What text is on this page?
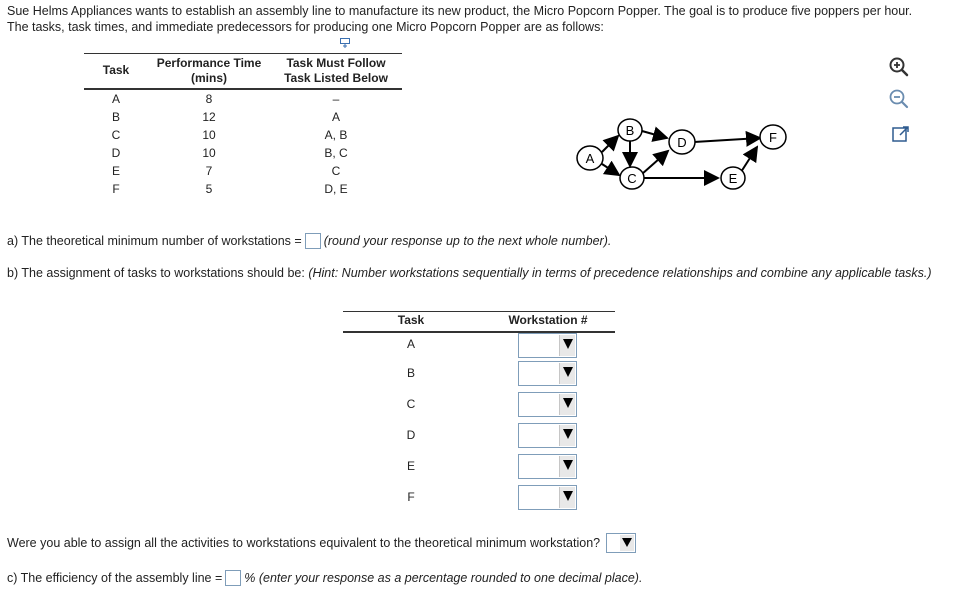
Sue Helms Appliances wants to establish an assembly line to manufacture its new product, the Micro Popcorn Popper. The goal is to produce five poppers per hour.
The tasks, task times, and immediate predecessors for producing one Micro Popcorn Popper are as follows:
Task	Performance Time
(mins)
Task Must Follow
Task Listed Below
A	8	–
B	12	A
C	10	A, B
D	10	B, C
E	7	C
F	5	D, E
A
B
C
D
E
F
a) The theoretical minimum number of workstations = (round your response up to the next whole number).
b) The assignment of tasks to workstations should be: (Hint: Number workstations sequentially in terms of precedence relationships and combine any applicable tasks.)
Task	Workstation #
A
B
C
D
E
F
Were you able to assign all the activities to workstations equivalent to the theoretical minimum workstation?
c) The efficiency of the assembly line = % (enter your response as a percentage rounded to one decimal place).
